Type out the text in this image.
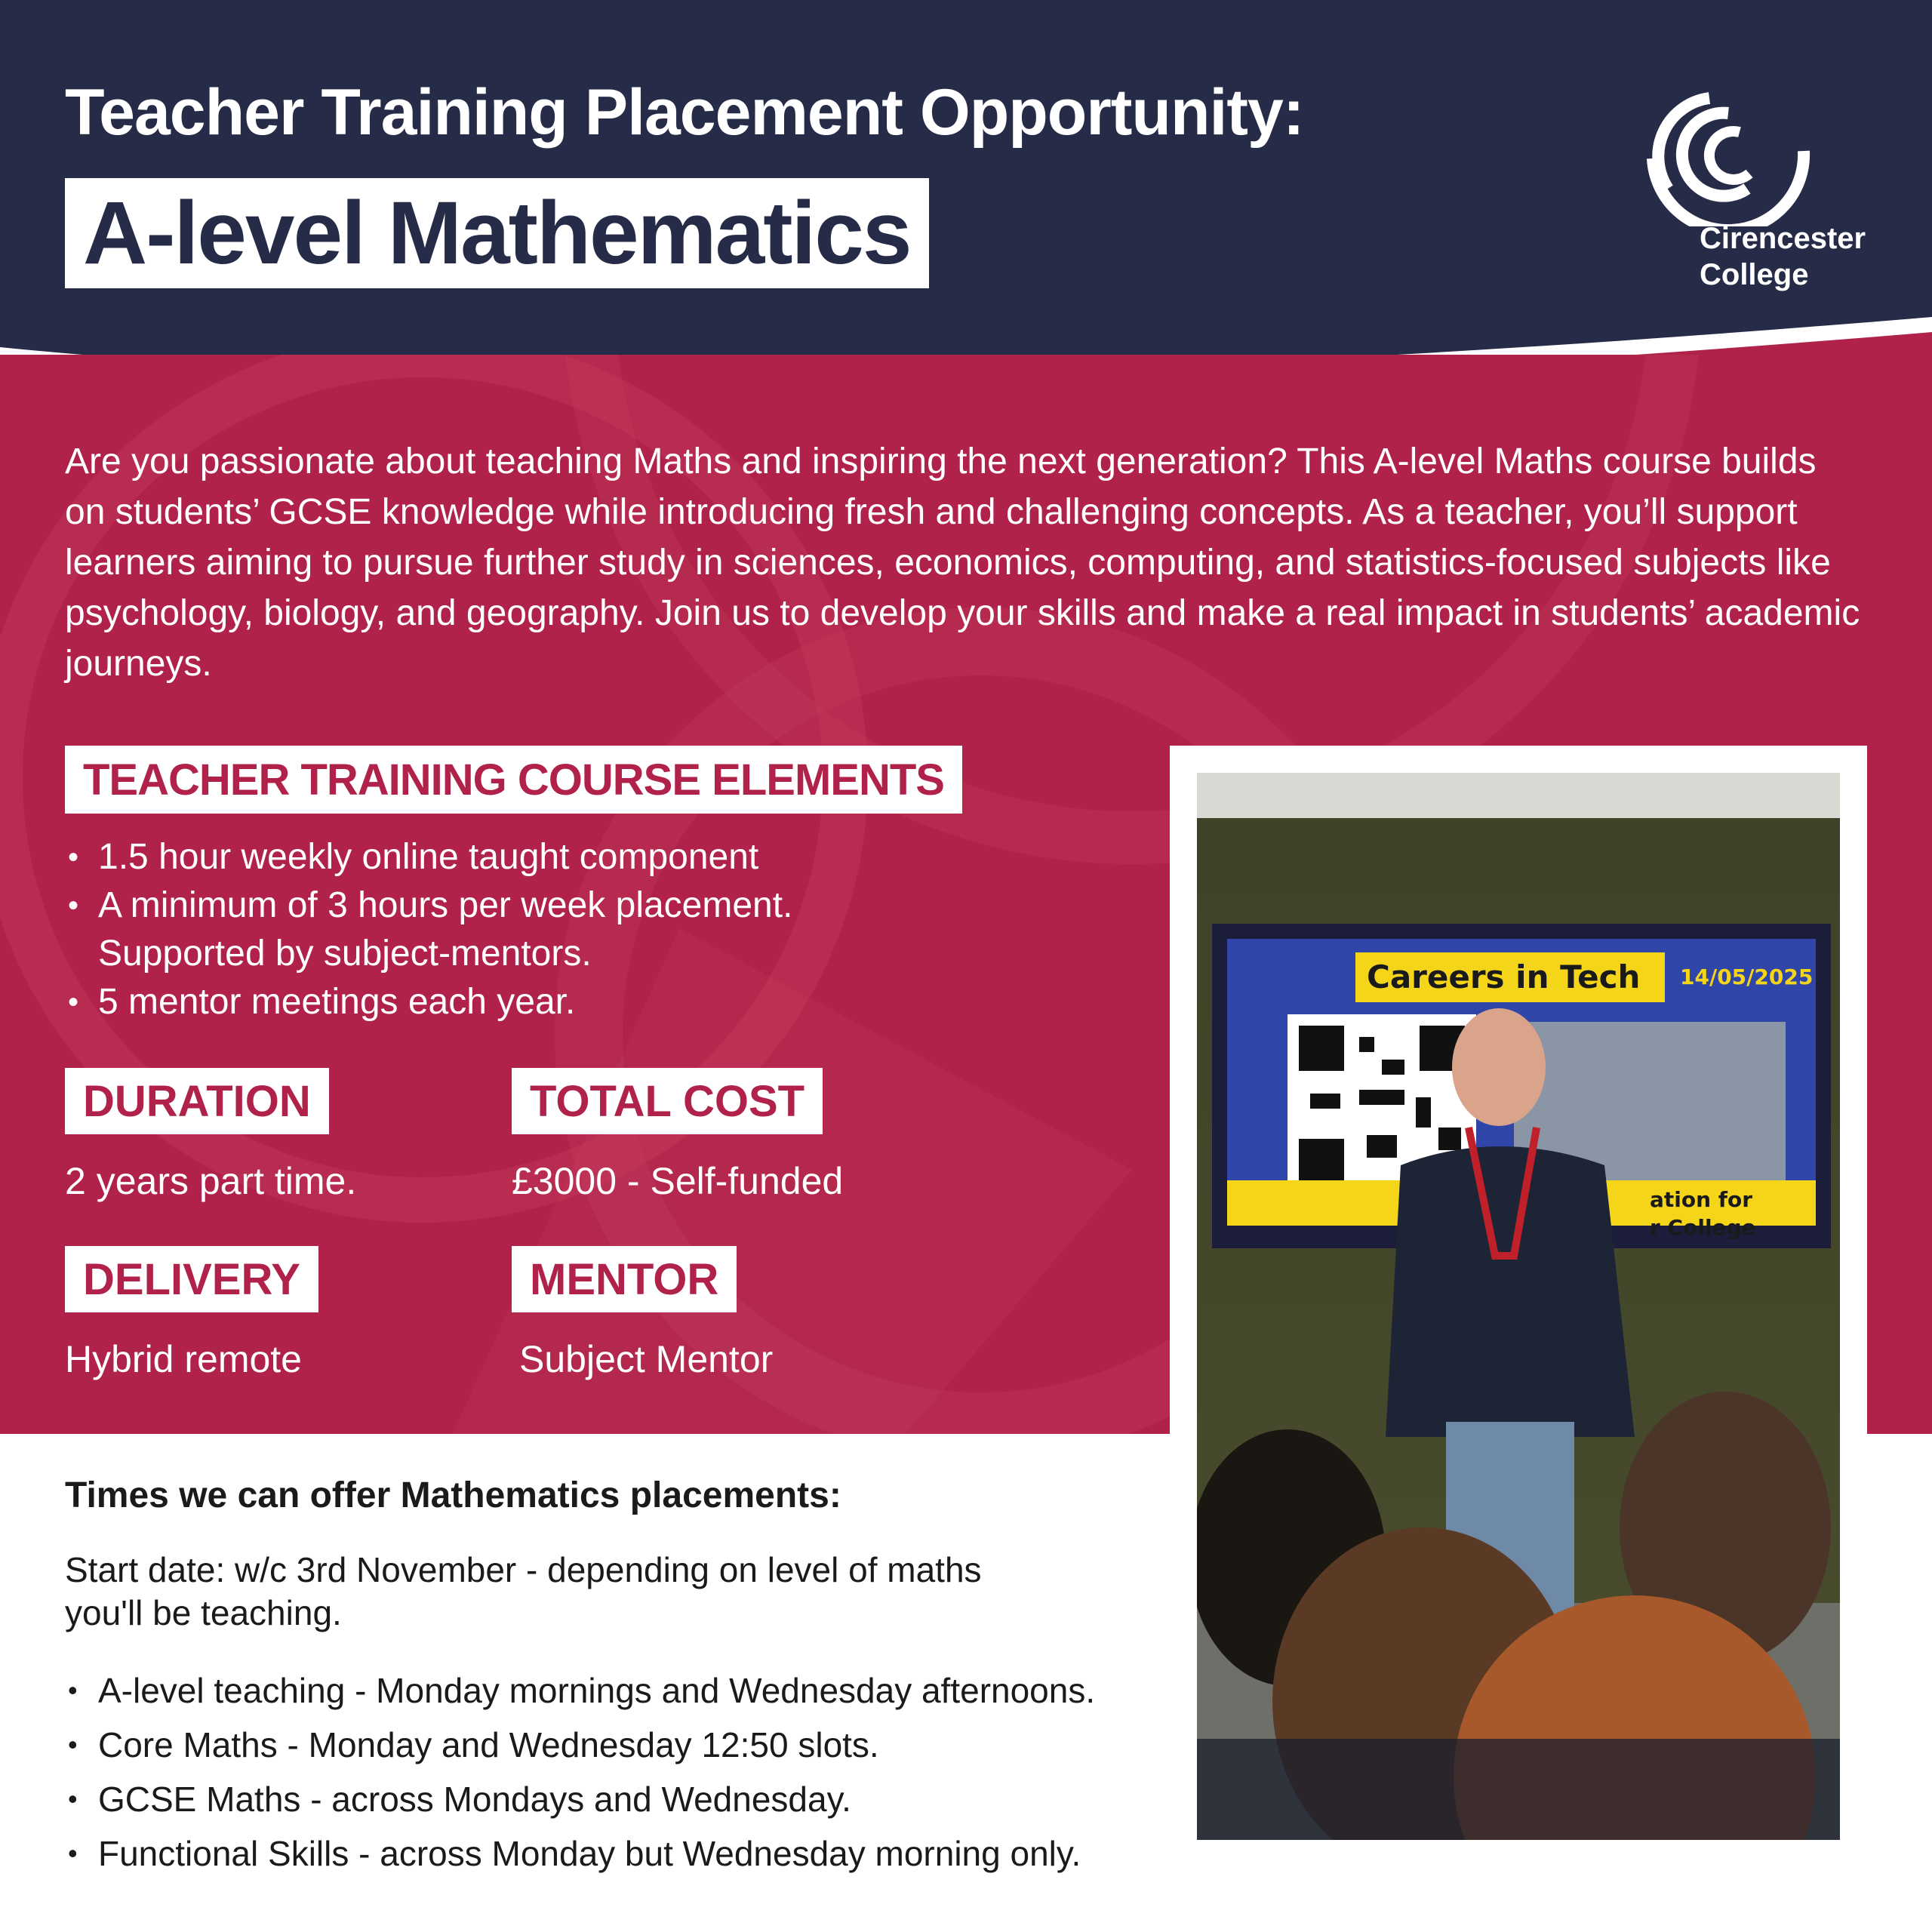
Teacher Training Placement Opportunity:
A-level Mathematics	Cirencester
College
Are you passionate about teaching Maths and inspiring the next generation? This A-level Maths course builds on students’ GCSE knowledge while introducing fresh and challenging concepts. As a teacher, you’ll support learners aiming to pursue further study in sciences, economics, computing, and statistics-focused subjects like psychology, biology, and geography. Join us to develop your skills and make a real impact in students’ academic journeys.
TEACHER TRAINING COURSE ELEMENTS
• 1.5 hour weekly online taught component
• A minimum of 3 hours per week placement. Supported by subject-mentors.
• 5 mentor meetings each year.
DURATION
2 years part time.
TOTAL COST
£3000 - Self-funded
DELIVERY
Hybrid remote
MENTOR
Subject Mentor
Careers in Tech 14/05/2025
ation for
r College
Times we can offer Mathematics placements:
Start date: w/c 3rd November - depending on level of maths you'll be teaching.
• A-level teaching - Monday mornings and Wednesday afternoons.
• Core Maths - Monday and Wednesday 12:50 slots.
• GCSE Maths - across Mondays and Wednesday.
• Functional Skills - across Monday but Wednesday morning only.
